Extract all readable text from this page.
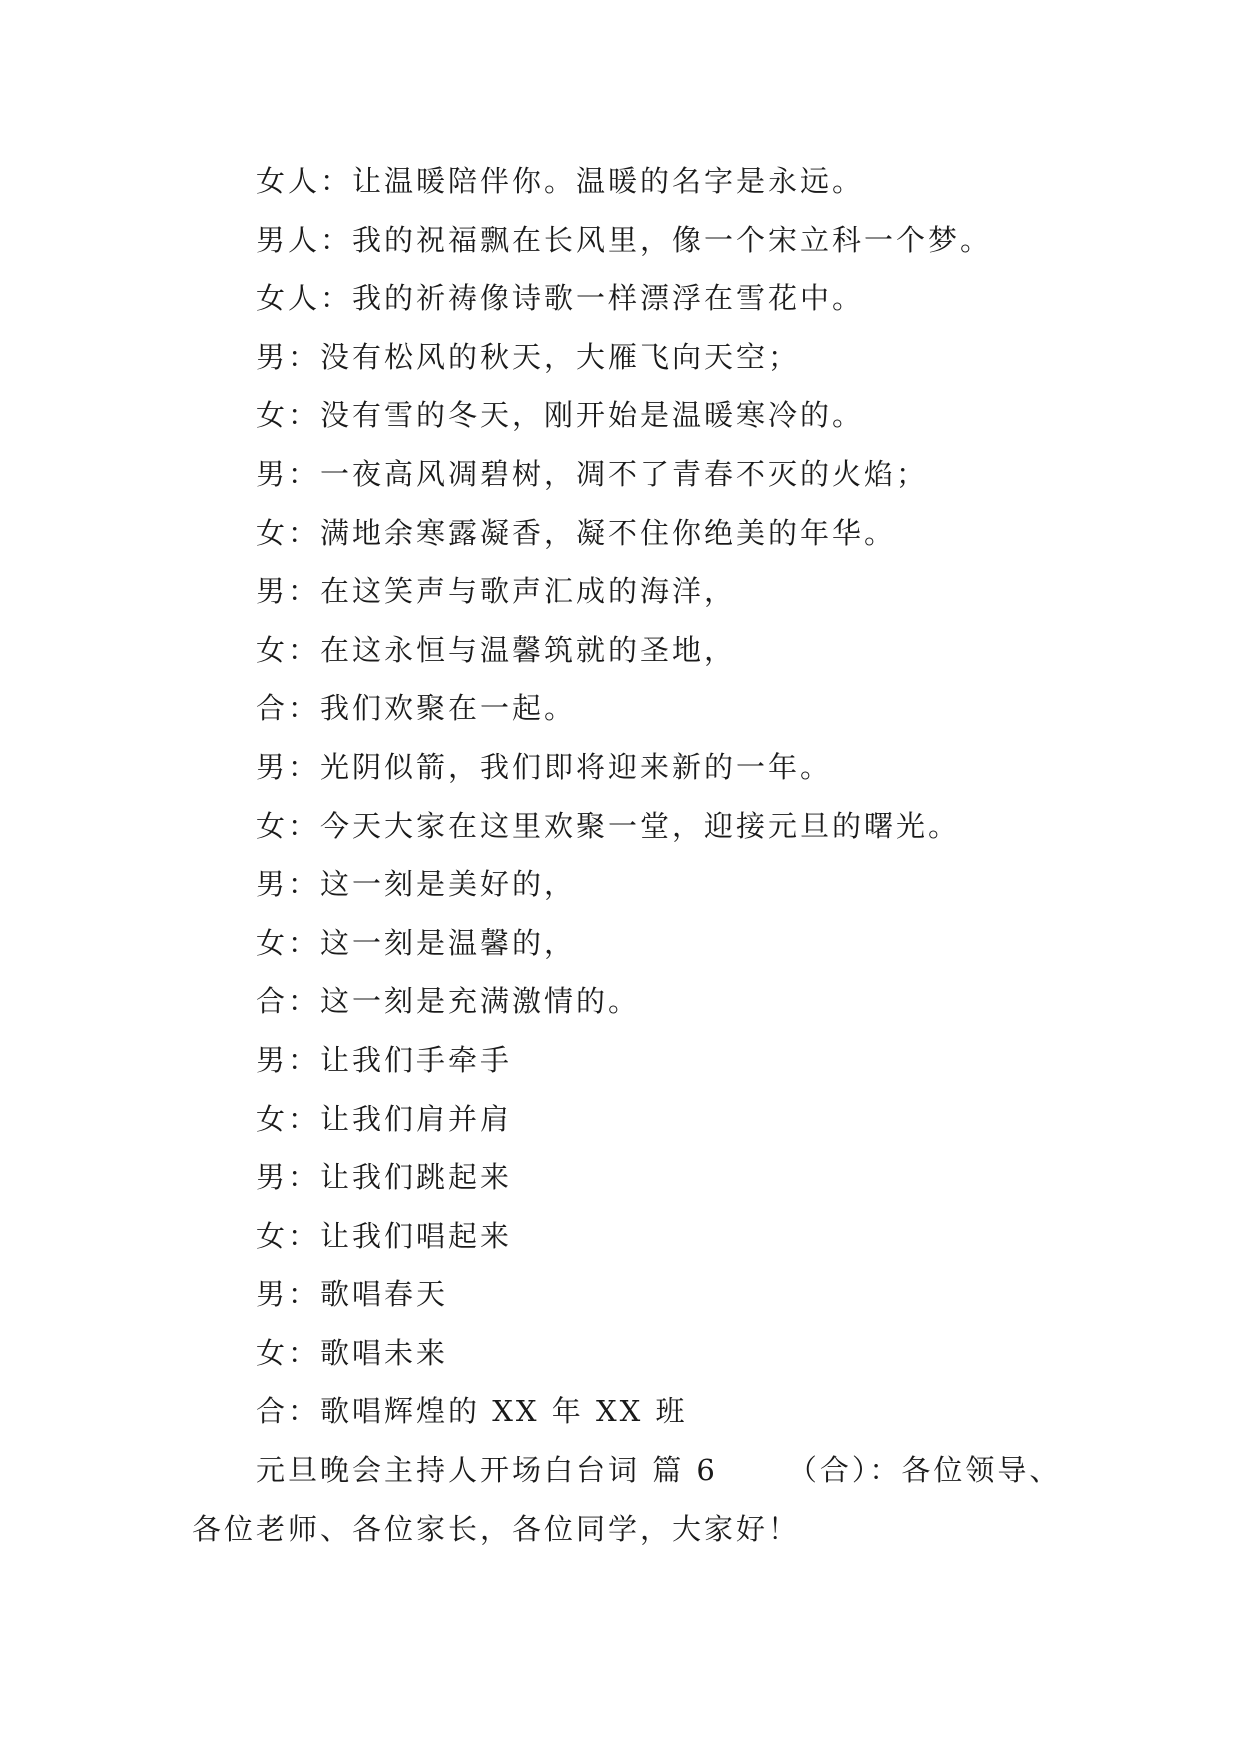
女人：让温暖陪伴你。温暖的名字是永远。
男人：我的祝福飘在长风里，像一个宋立科一个梦。
女人：我的祈祷像诗歌一样漂浮在雪花中。
男：没有松风的秋天，大雁飞向天空；
女：没有雪的冬天，刚开始是温暖寒冷的。
男：一夜高风凋碧树，凋不了青春不灭的火焰；
女：满地余寒露凝香，凝不住你绝美的年华。
男：在这笑声与歌声汇成的海洋，
女：在这永恒与温馨筑就的圣地，
合：我们欢聚在一起。
男：光阴似箭，我们即将迎来新的一年。
女：今天大家在这里欢聚一堂，迎接元旦的曙光。
男：这一刻是美好的，
女：这一刻是温馨的，
合：这一刻是充满激情的。
男：让我们手牵手
女：让我们肩并肩
男：让我们跳起来
女：让我们唱起来
男：歌唱春天
女：歌唱未来
合：歌唱辉煌的 XX 年 XX 班
元旦晚会主持人开场白台词 篇 6 （合）：各位领导、各位老师、各位家长，各位同学，大家好！
